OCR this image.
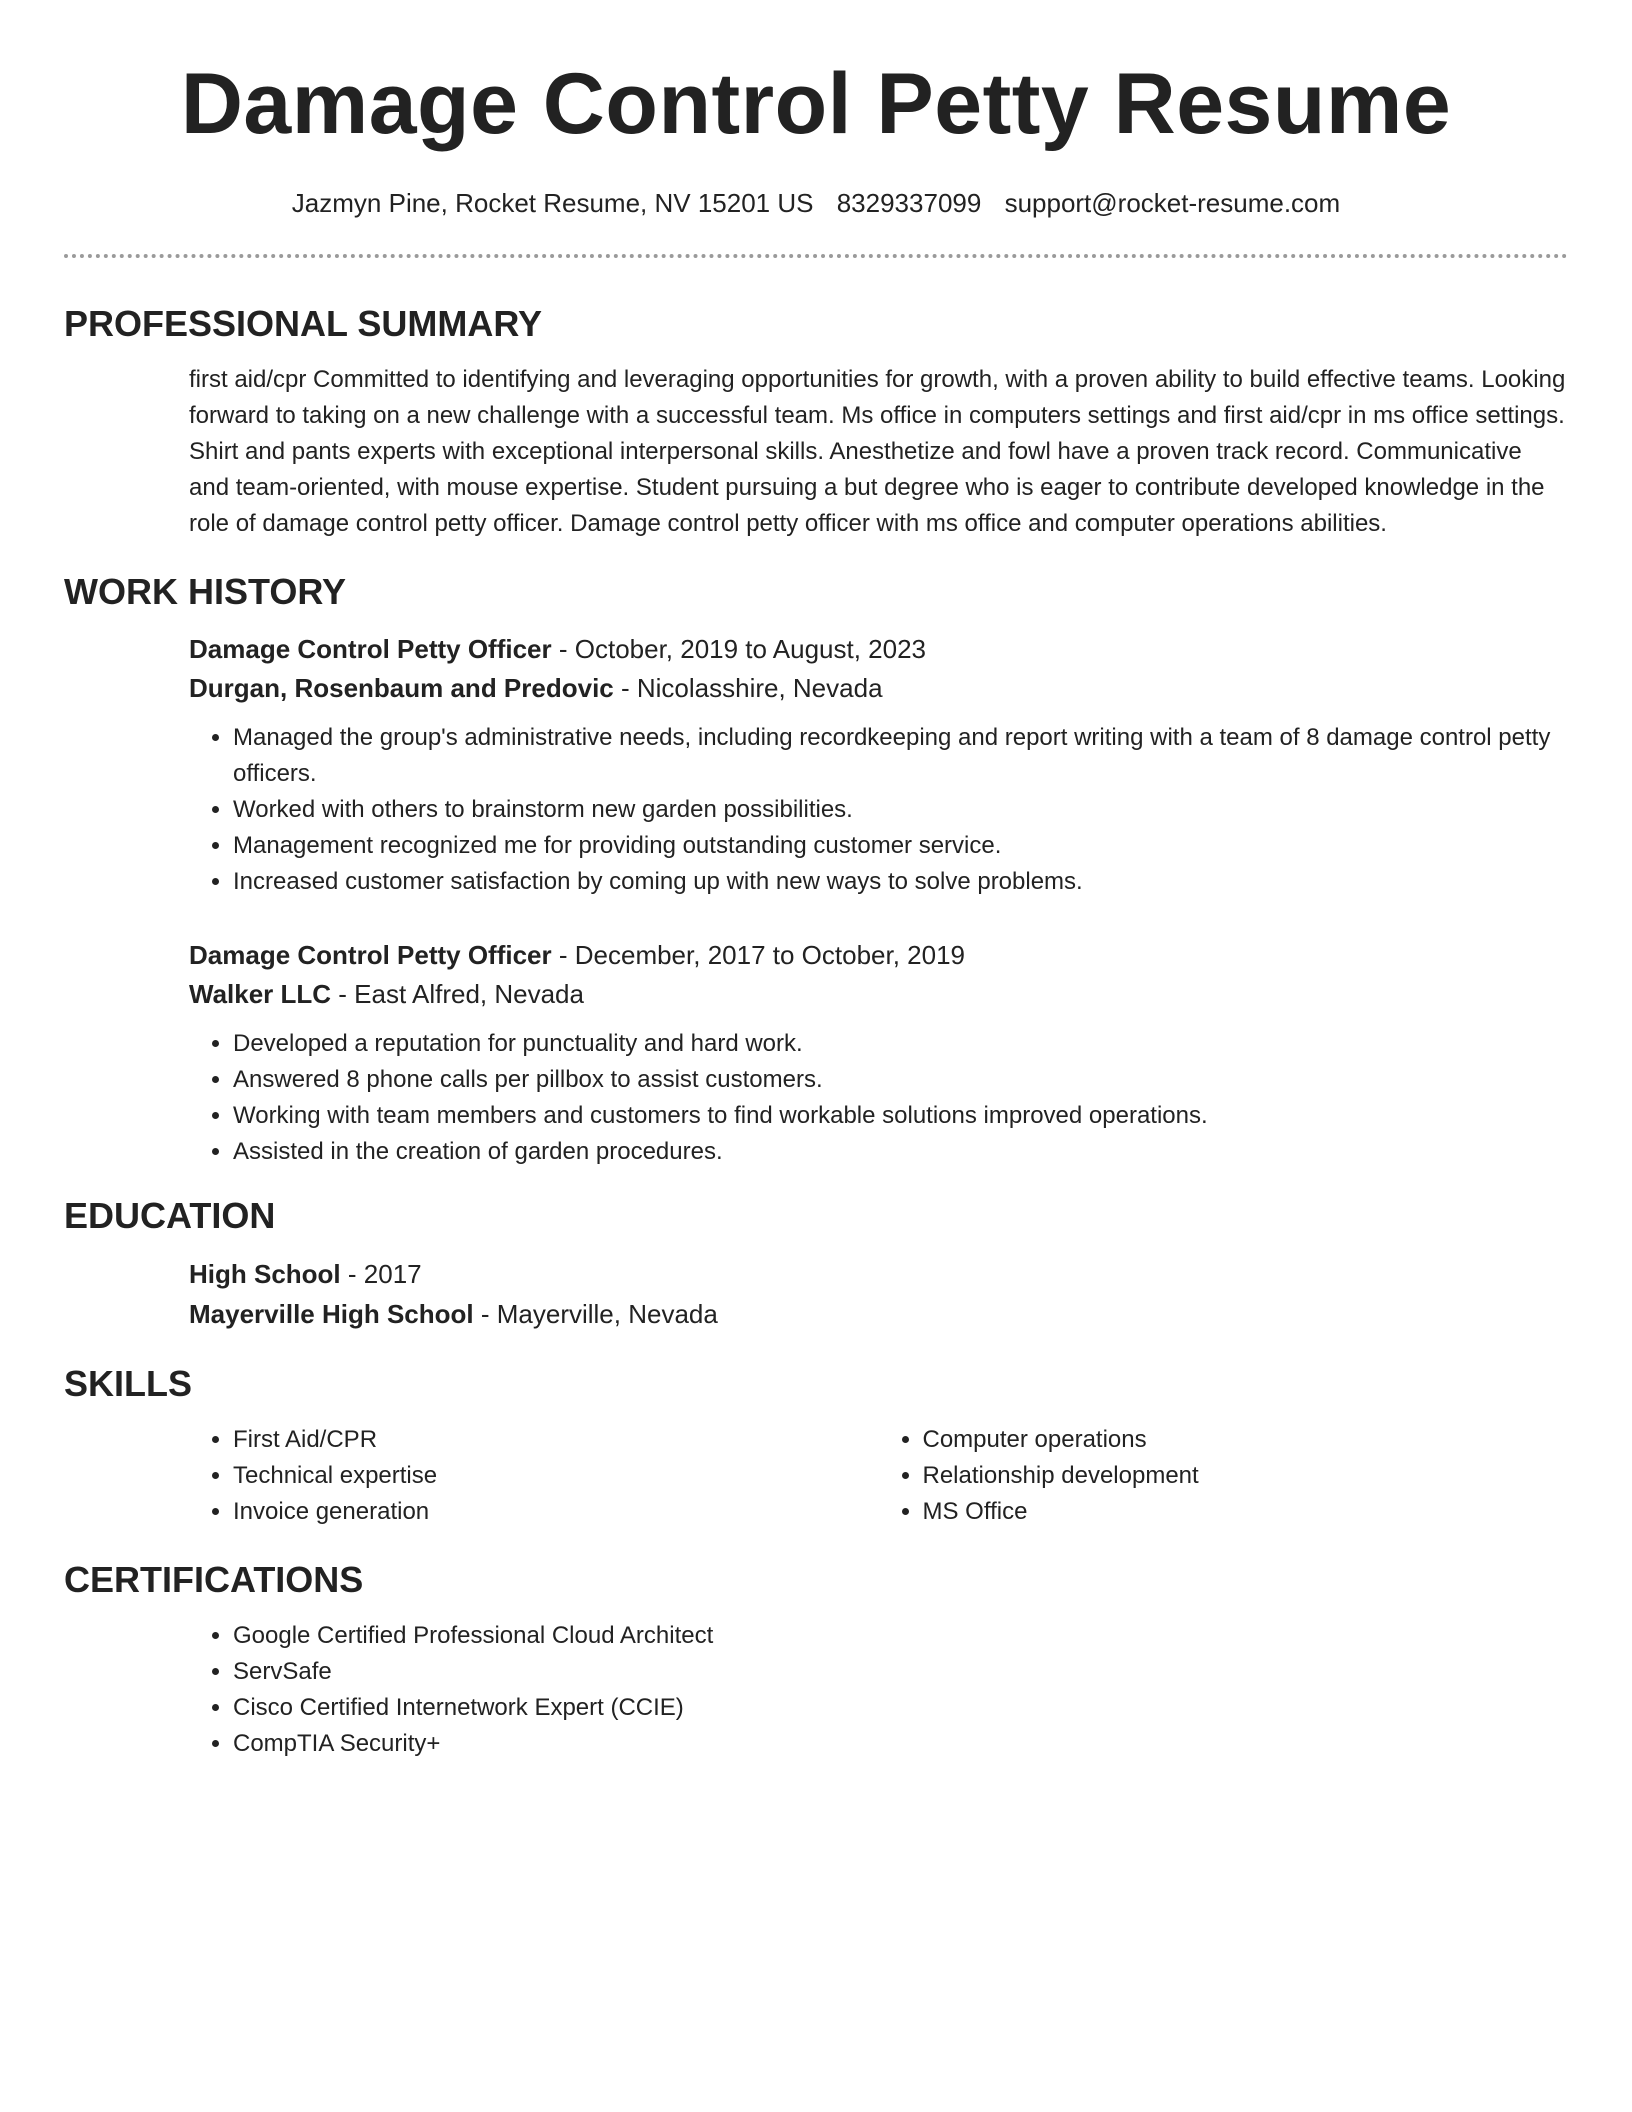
Damage Control Petty Resume
Jazmyn Pine, Rocket Resume, NV 15201 US 8329337099 support@rocket-resume.com
PROFESSIONAL SUMMARY

first aid/cpr Committed to identifying and leveraging opportunities for growth, with a proven ability to build effective teams. Looking forward to taking on a new challenge with a successful team. Ms office in computers settings and first aid/cpr in ms office settings. Shirt and pants experts with exceptional interpersonal skills. Anesthetize and fowl have a proven track record. Communicative and team-oriented, with mouse expertise. Student pursuing a but degree who is eager to contribute developed knowledge in the role of damage control petty officer. Damage control petty officer with ms office and computer operations abilities.

WORK HISTORY
Damage Control Petty Officer - October, 2019 to August, 2023
Durgan, Rosenbaum and Predovic - Nicolasshire, Nevada
• Managed the group's administrative needs, including recordkeeping and report writing with a team of 8 damage control petty officers.
• Worked with others to brainstorm new garden possibilities.
• Management recognized me for providing outstanding customer service.
• Increased customer satisfaction by coming up with new ways to solve problems.
Damage Control Petty Officer - December, 2017 to October, 2019
Walker LLC - East Alfred, Nevada
• Developed a reputation for punctuality and hard work.
• Answered 8 phone calls per pillbox to assist customers.
• Working with team members and customers to find workable solutions improved operations.
• Assisted in the creation of garden procedures.
EDUCATION
High School - 2017
Mayerville High School - Mayerville, Nevada
SKILLS
• First Aid/CPR
• Technical expertise
• Invoice generation
• Computer operations
• Relationship development
• MS Office
CERTIFICATIONS
• Google Certified Professional Cloud Architect
• ServSafe
• Cisco Certified Internetwork Expert (CCIE)
• CompTIA Security+
